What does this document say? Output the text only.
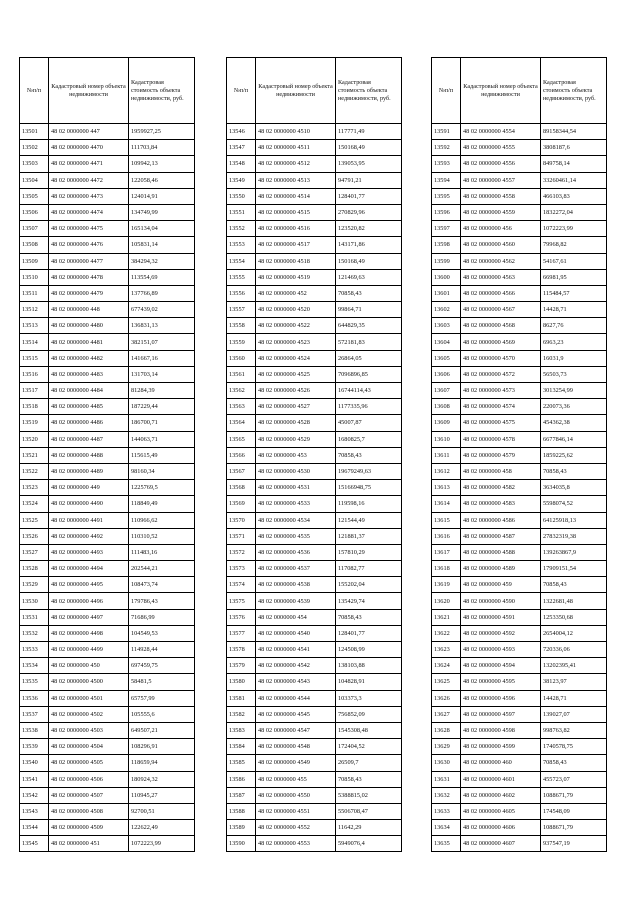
№п/п	Кадастровый номер объекта недвижимости	Кадастровая стоимость объекта недвижимости, руб.
13501	48 02 0000000 447	1959927,25
13502	48 02 0000000 4470	111703,84
13503	48 02 0000000 4471	109942,13
13504	48 02 0000000 4472	122058,46
13505	48 02 0000000 4473	124014,91
13506	48 02 0000000 4474	134749,99
13507	48 02 0000000 4475	165134,04
13508	48 02 0000000 4476	105831,14
13509	48 02 0000000 4477	384294,32
13510	48 02 0000000 4478	113554,69
13511	48 02 0000000 4479	137766,89
13512	48 02 0000000 448	677439,02
13513	48 02 0000000 4480	136831,13
13514	48 02 0000000 4481	382151,07
13515	48 02 0000000 4482	141667,16
13516	48 02 0000000 4483	131703,14
13517	48 02 0000000 4484	81284,39
13518	48 02 0000000 4485	187229,44
13519	48 02 0000000 4486	186700,71
13520	48 02 0000000 4487	144063,71
13521	48 02 0000000 4488	115615,49
13522	48 02 0000000 4489	98160,34
13523	48 02 0000000 449	1225769,5
13524	48 02 0000000 4490	118849,49
13525	48 02 0000000 4491	110966,62
13526	48 02 0000000 4492	110310,52
13527	48 02 0000000 4493	111483,16
13528	48 02 0000000 4494	202544,21
13529	48 02 0000000 4495	108473,74
13530	48 02 0000000 4496	179786,43
13531	48 02 0000000 4497	71686,99
13532	48 02 0000000 4498	104549,53
13533	48 02 0000000 4499	114928,44
13534	48 02 0000000 450	697459,75
13535	48 02 0000000 4500	58481,5
13536	48 02 0000000 4501	65757,99
13537	48 02 0000000 4502	105555,6
13538	48 02 0000000 4503	649507,21
13539	48 02 0000000 4504	108296,91
13540	48 02 0000000 4505	118659,94
13541	48 02 0000000 4506	180924,32
13542	48 02 0000000 4507	110945,27
13543	48 02 0000000 4508	92700,51
13544	48 02 0000000 4509	122622,49
13545	48 02 0000000 451	1072223,99
№п/п	Кадастровый номер объекта недвижимости	Кадастровая стоимость объекта недвижимости, руб.
13546	48 02 0000000 4510	117771,49
13547	48 02 0000000 4511	150168,49
13548	48 02 0000000 4512	139053,95
13549	48 02 0000000 4513	94791,21
13550	48 02 0000000 4514	128401,77
13551	48 02 0000000 4515	270829,96
13552	48 02 0000000 4516	123520,82
13553	48 02 0000000 4517	143171,86
13554	48 02 0000000 4518	150168,49
13555	48 02 0000000 4519	121469,63
13556	48 02 0000000 452	70858,43
13557	48 02 0000000 4520	99864,71
13558	48 02 0000000 4522	644829,35
13559	48 02 0000000 4523	572181,83
13560	48 02 0000000 4524	26864,05
13561	48 02 0000000 4525	7096896,85
13562	48 02 0000000 4526	16744114,43
13563	48 02 0000000 4527	1177335,96
13564	48 02 0000000 4528	45007,87
13565	48 02 0000000 4529	1680825,7
13566	48 02 0000000 453	70858,43
13567	48 02 0000000 4530	19679249,63
13568	48 02 0000000 4531	15166948,75
13569	48 02 0000000 4533	119598,16
13570	48 02 0000000 4534	121544,49
13571	48 02 0000000 4535	121881,37
13572	48 02 0000000 4536	157810,29
13573	48 02 0000000 4537	117082,77
13574	48 02 0000000 4538	155202,04
13575	48 02 0000000 4539	135429,74
13576	48 02 0000000 454	70858,43
13577	48 02 0000000 4540	128401,77
13578	48 02 0000000 4541	124508,99
13579	48 02 0000000 4542	138103,88
13580	48 02 0000000 4543	104828,91
13581	48 02 0000000 4544	103373,3
13582	48 02 0000000 4545	756852,09
13583	48 02 0000000 4547	1545308,48
13584	48 02 0000000 4548	172404,52
13585	48 02 0000000 4549	26509,7
13586	48 02 0000000 455	70858,43
13587	48 02 0000000 4550	5388815,02
13588	48 02 0000000 4551	5506708,47
13589	48 02 0000000 4552	11642,29
13590	48 02 0000000 4553	5949076,4
№п/п	Кадастровый номер объекта недвижимости	Кадастровая стоимость объекта недвижимости, руб.
13591	48 02 0000000 4554	89158344,54
13592	48 02 0000000 4555	3808187,6
13593	48 02 0000000 4556	849758,14
13594	48 02 0000000 4557	33260461,14
13595	48 02 0000000 4558	466103,83
13596	48 02 0000000 4559	1832272,04
13597	48 02 0000000 456	1072223,99
13598	48 02 0000000 4560	79968,82
13599	48 02 0000000 4562	54167,61
13600	48 02 0000000 4563	66981,95
13601	48 02 0000000 4566	115484,57
13602	48 02 0000000 4567	14428,71
13603	48 02 0000000 4568	8627,76
13604	48 02 0000000 4569	6963,23
13605	48 02 0000000 4570	16031,9
13606	48 02 0000000 4572	56503,73
13607	48 02 0000000 4573	3013254,99
13608	48 02 0000000 4574	220073,36
13609	48 02 0000000 4575	454362,38
13610	48 02 0000000 4578	6677846,14
13611	48 02 0000000 4579	1859225,62
13612	48 02 0000000 458	70858,43
13613	48 02 0000000 4582	3634035,8
13614	48 02 0000000 4583	5598074,52
13615	48 02 0000000 4586	64125918,13
13616	48 02 0000000 4587	27832319,38
13617	48 02 0000000 4588	139263867,9
13618	48 02 0000000 4589	17909151,54
13619	48 02 0000000 459	70858,43
13620	48 02 0000000 4590	1322681,48
13621	48 02 0000000 4591	1253350,68
13622	48 02 0000000 4592	2654004,12
13623	48 02 0000000 4593	720336,06
13624	48 02 0000000 4594	13202395,41
13625	48 02 0000000 4595	38123,97
13626	48 02 0000000 4596	14428,71
13627	48 02 0000000 4597	139027,07
13628	48 02 0000000 4598	998763,82
13629	48 02 0000000 4599	1740578,75
13630	48 02 0000000 460	70858,43
13631	48 02 0000000 4601	455723,07
13632	48 02 0000000 4602	1088671,79
13633	48 02 0000000 4605	174548,09
13634	48 02 0000000 4606	1088671,79
13635	48 02 0000000 4607	937547,19
